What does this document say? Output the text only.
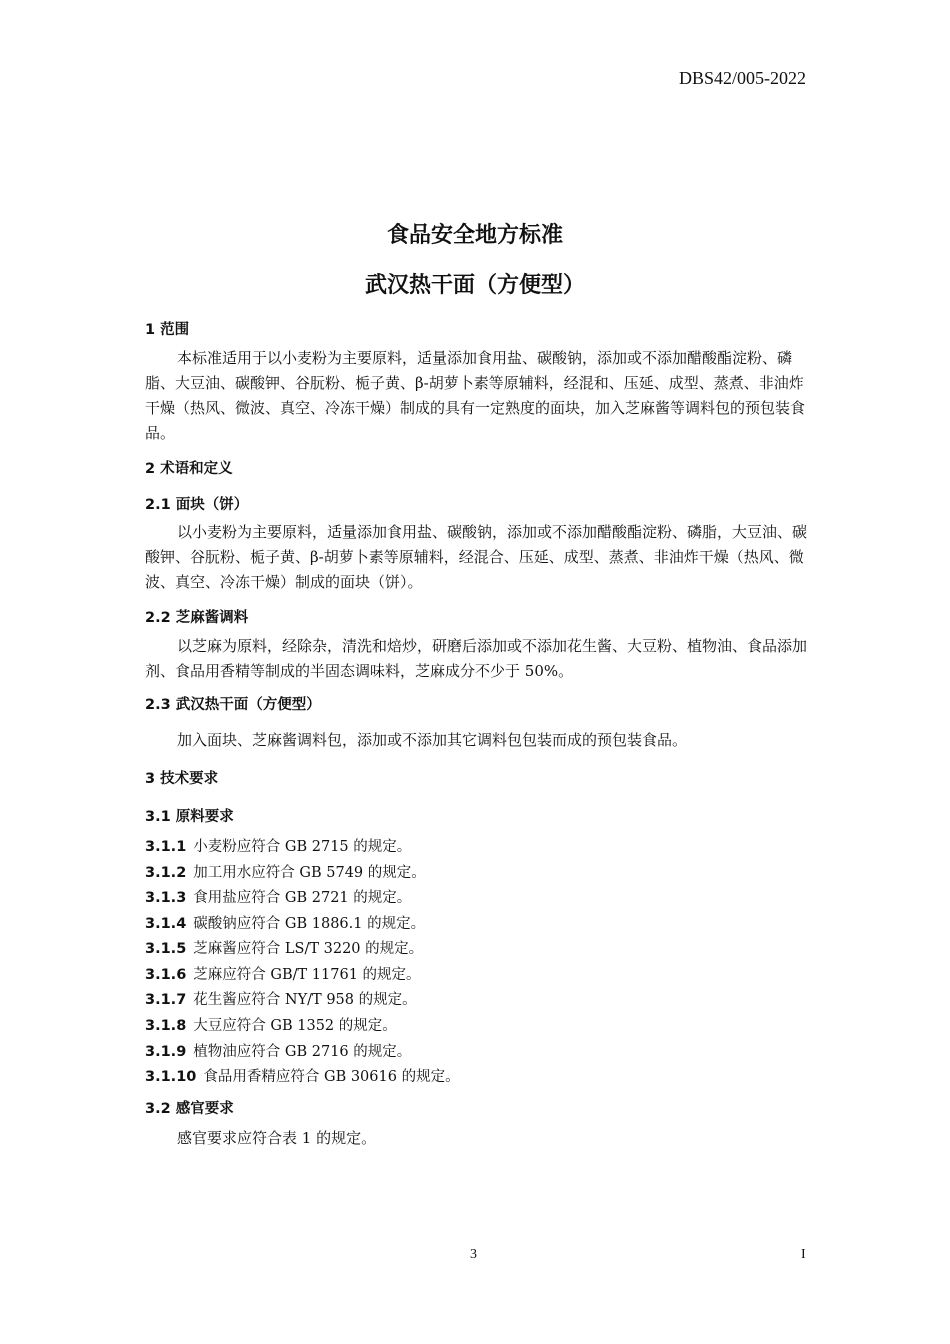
DBS42/005-2022
食品安全地方标准
武汉热干面（方便型）
1 范围
本标准适用于以小麦粉为主要原料，适量添加食用盐、碳酸钠，添加或不添加醋酸酯淀粉、磷脂、大豆油、碳酸钾、谷朊粉、栀子黄、β-胡萝卜素等原辅料，经混和、压延、成型、蒸煮、非油炸干燥（热风、微波、真空、冷冻干燥）制成的具有一定熟度的面块，加入芝麻酱等调料包的预包装食品。
2 术语和定义
2.1 面块（饼）
以小麦粉为主要原料，适量添加食用盐、碳酸钠，添加或不添加醋酸酯淀粉、磷脂，大豆油、碳酸钾、谷朊粉、栀子黄、β-胡萝卜素等原辅料，经混合、压延、成型、蒸煮、非油炸干燥（热风、微波、真空、冷冻干燥）制成的面块（饼）。
2.2 芝麻酱调料
以芝麻为原料，经除杂，清洗和焙炒，研磨后添加或不添加花生酱、大豆粉、植物油、食品添加剂、食品用香精等制成的半固态调味料，芝麻成分不少于 50%。
2.3 武汉热干面（方便型）
加入面块、芝麻酱调料包，添加或不添加其它调料包包装而成的预包装食品。
3 技术要求
3.1 原料要求
3.1.1 小麦粉应符合 GB 2715 的规定。
3.1.2 加工用水应符合 GB 5749 的规定。
3.1.3 食用盐应符合 GB 2721 的规定。
3.1.4 碳酸钠应符合 GB 1886.1 的规定。
3.1.5 芝麻酱应符合 LS/T 3220 的规定。
3.1.6 芝麻应符合 GB/T 11761 的规定。
3.1.7 花生酱应符合 NY/T 958 的规定。
3.1.8 大豆应符合 GB 1352 的规定。
3.1.9 植物油应符合 GB 2716 的规定。
3.1.10 食品用香精应符合 GB 30616 的规定。
3.2 感官要求
感官要求应符合表 1 的规定。
3	I
